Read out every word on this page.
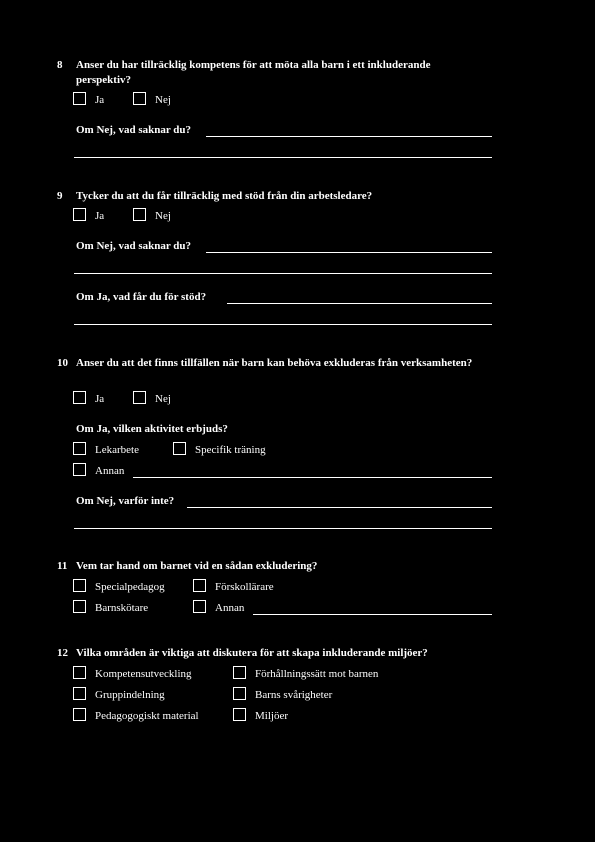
8 Anser du har tillräcklig kompetens för att möta alla barn i ett inkluderande perspektiv?
Ja	Nej
Om Nej, vad saknar du?
9 Tycker du att du får tillräcklig med stöd från din arbetsledare?
Ja	Nej
Om Nej, vad saknar du?
Om Ja, vad får du för stöd?
10 Anser du att det finns tillfällen när barn kan behöva exkluderas från verksamheten?
Ja	Nej
Om Ja, vilken aktivitet erbjuds?
Lekarbete	Specifik träning
Annan
Om Nej, varför inte?
11 Vem tar hand om barnet vid en sådan exkludering?
Specialpedagog	Förskollärare
Barnskötare	Annan
12 Vilka områden är viktiga att diskutera för att skapa inkluderande miljöer?
Kompetensutveckling	Förhållningssätt mot barnen
Gruppindelning	Barns svårigheter
Pedagogogiskt material	Miljöer
